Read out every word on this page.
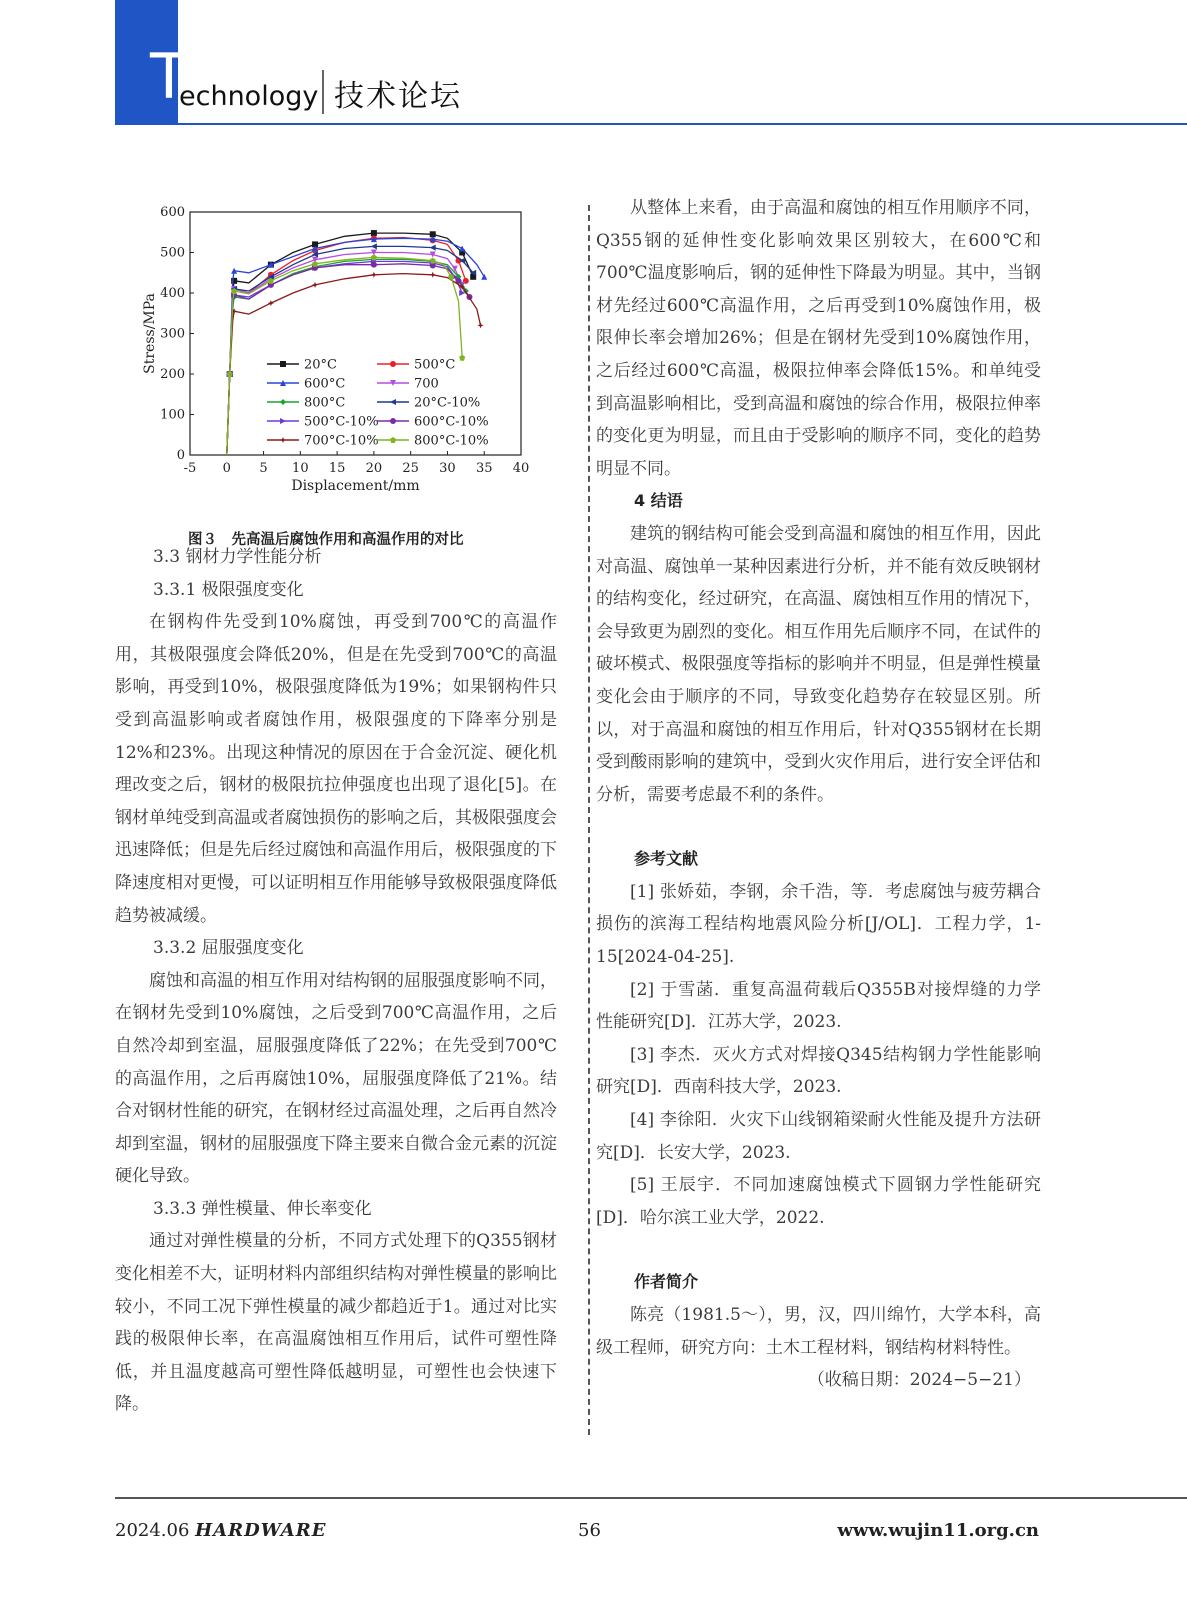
T
echnology 技术论坛
-5 0 5 10 15 20 25 30 35 40
0
100
200
300
400
500
600
Displacement/mm
Stress/MPa	20°C	500°C
600°C	700
800°C	20°C-10%
500°C-10%	600°C-10%
700°C-10%	800°C-10%
图３　先高温后腐蚀作用和高温作用的对比

3.3 钢材力学性能分析

3.3.1 极限强度变化

在钢构件先受到10%腐蚀，再受到700℃的高温作用，其极限强度会降低20%，但是在先受到700℃的高温影响，再受到10%，极限强度降低为19%；如果钢构件只受到高温影响或者腐蚀作用，极限强度的下降率分别是12%和23%。出现这种情况的原因在于合金沉淀、硬化机理改变之后，钢材的极限抗拉伸强度也出现了退化[5]。在钢材单纯受到高温或者腐蚀损伤的影响之后，其极限强度会迅速降低；但是先后经过腐蚀和高温作用后，极限强度的下降速度相对更慢，可以证明相互作用能够导致极限强度降低趋势被减缓。

3.3.2 屈服强度变化

腐蚀和高温的相互作用对结构钢的屈服强度影响不同，在钢材先受到10%腐蚀，之后受到700℃高温作用，之后自然冷却到室温，屈服强度降低了22%；在先受到700℃的高温作用，之后再腐蚀10%，屈服强度降低了21%。结合对钢材性能的研究，在钢材经过高温处理，之后再自然冷却到室温，钢材的屈服强度下降主要来自微合金元素的沉淀硬化导致。

3.3.3 弹性模量、伸长率变化

通过对弹性模量的分析，不同方式处理下的Q355钢材变化相差不大，证明材料内部组织结构对弹性模量的影响比较小，不同工况下弹性模量的减少都趋近于1。通过对比实践的极限伸长率，在高温腐蚀相互作用后，试件可塑性降低，并且温度越高可塑性降低越明显，可塑性也会快速下降。

从整体上来看，由于高温和腐蚀的相互作用顺序不同，Q355钢的延伸性变化影响效果区别较大，在600℃和700℃温度影响后，钢的延伸性下降最为明显。其中，当钢材先经过600℃高温作用，之后再受到10%腐蚀作用，极限伸长率会增加26%；但是在钢材先受到10%腐蚀作用，之后经过600℃高温，极限拉伸率会降低15%。和单纯受到高温影响相比，受到高温和腐蚀的综合作用，极限拉伸率的变化更为明显，而且由于受影响的顺序不同，变化的趋势明显不同。

4 结语

建筑的钢结构可能会受到高温和腐蚀的相互作用，因此对高温、腐蚀单一某种因素进行分析，并不能有效反映钢材的结构变化，经过研究，在高温、腐蚀相互作用的情况下，会导致更为剧烈的变化。相互作用先后顺序不同，在试件的破坏模式、极限强度等指标的影响并不明显，但是弹性模量变化会由于顺序的不同，导致变化趋势存在较显区别。所以，对于高温和腐蚀的相互作用后，针对Q355钢材在长期受到酸雨影响的建筑中，受到火灾作用后，进行安全评估和分析，需要考虑最不利的条件。

参考文献

[1] 张娇茹，李钢，余千浩，等．考虑腐蚀与疲劳耦合损伤的滨海工程结构地震风险分析[J/OL]．工程力学，1-15[2024-04-25].

[2] 于雪菡．重复高温荷载后Q355B对接焊缝的力学性能研究[D]．江苏大学，2023.

[3] 李杰．灭火方式对焊接Q345结构钢力学性能影响研究[D]．西南科技大学，2023.

[4] 李徐阳．火灾下山线钢箱梁耐火性能及提升方法研究[D]．长安大学，2023.

[5] 王辰宇．不同加速腐蚀模式下圆钢力学性能研究[D]．哈尔滨工业大学，2022.

作者简介

陈亮（1981.5～），男，汉，四川绵竹，大学本科，高级工程师，研究方向：土木工程材料，钢结构材料特性。

（收稿日期：2024−5−21）

2024.06 HARDWARE	56	www.wujin11.org.cn
